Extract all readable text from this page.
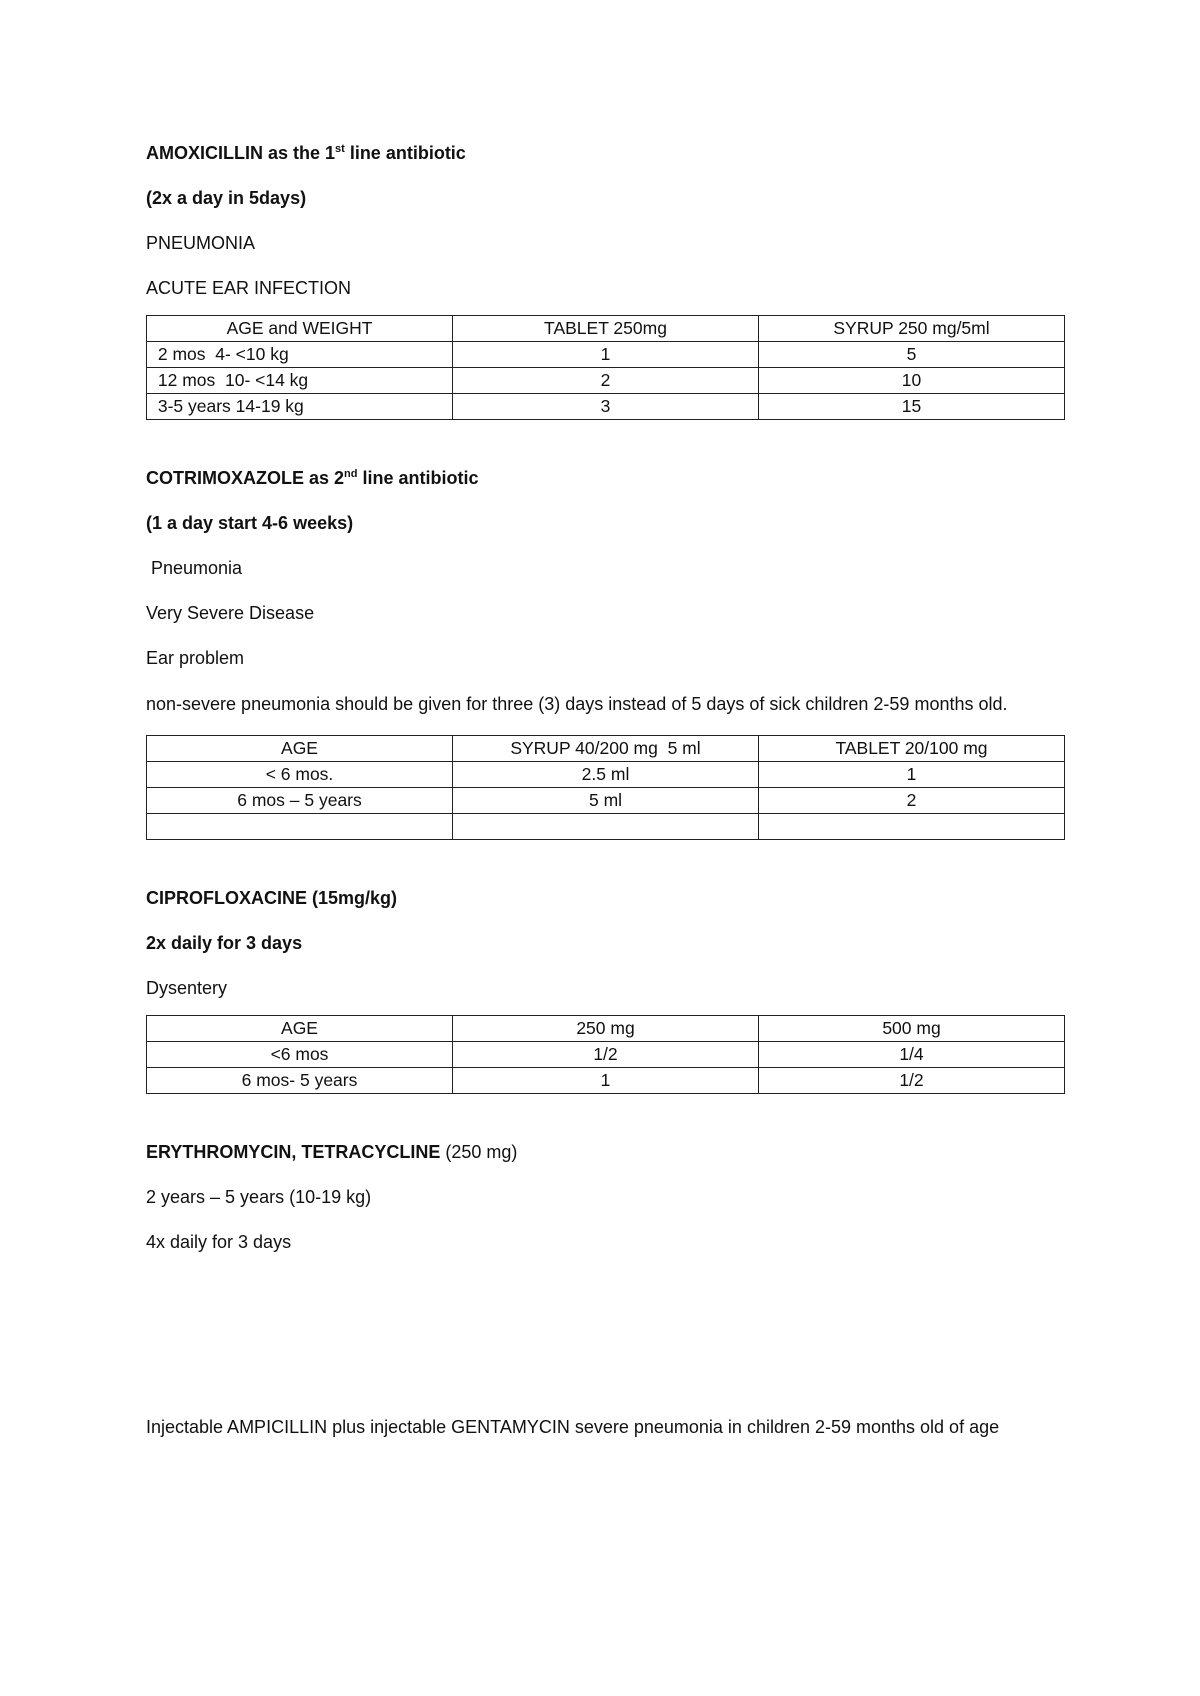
AMOXICILLIN as the 1st line antibiotic

(2x a day in 5days)

PNEUMONIA

ACUTE EAR INFECTION

AGE and WEIGHT	TABLET 250mg	SYRUP 250 mg/5ml
2 mos  4- <10 kg	1	5
12 mos  10- <14 kg	2	10
3-5 years 14-19 kg	3	15

COTRIMOXAZOLE as 2nd line antibiotic

(1 a day start 4-6 weeks)

Pneumonia

Very Severe Disease

Ear problem

non-severe pneumonia should be given for three (3) days instead of 5 days of sick children 2-59 months old.

AGE	SYRUP 40/200 mg  5 ml	TABLET 20/100 mg
< 6 mos.	2.5 ml	1
6 mos – 5 years	5 ml	2

CIPROFLOXACINE (15mg/kg)

2x daily for 3 days

Dysentery

AGE	250 mg	500 mg
<6 mos	1/2	1/4
6 mos- 5 years	1	1/2

ERYTHROMYCIN, TETRACYCLINE (250 mg)

2 years – 5 years (10-19 kg)

4x daily for 3 days

Injectable AMPICILLIN plus injectable GENTAMYCIN severe pneumonia in children 2-59 months old of age
